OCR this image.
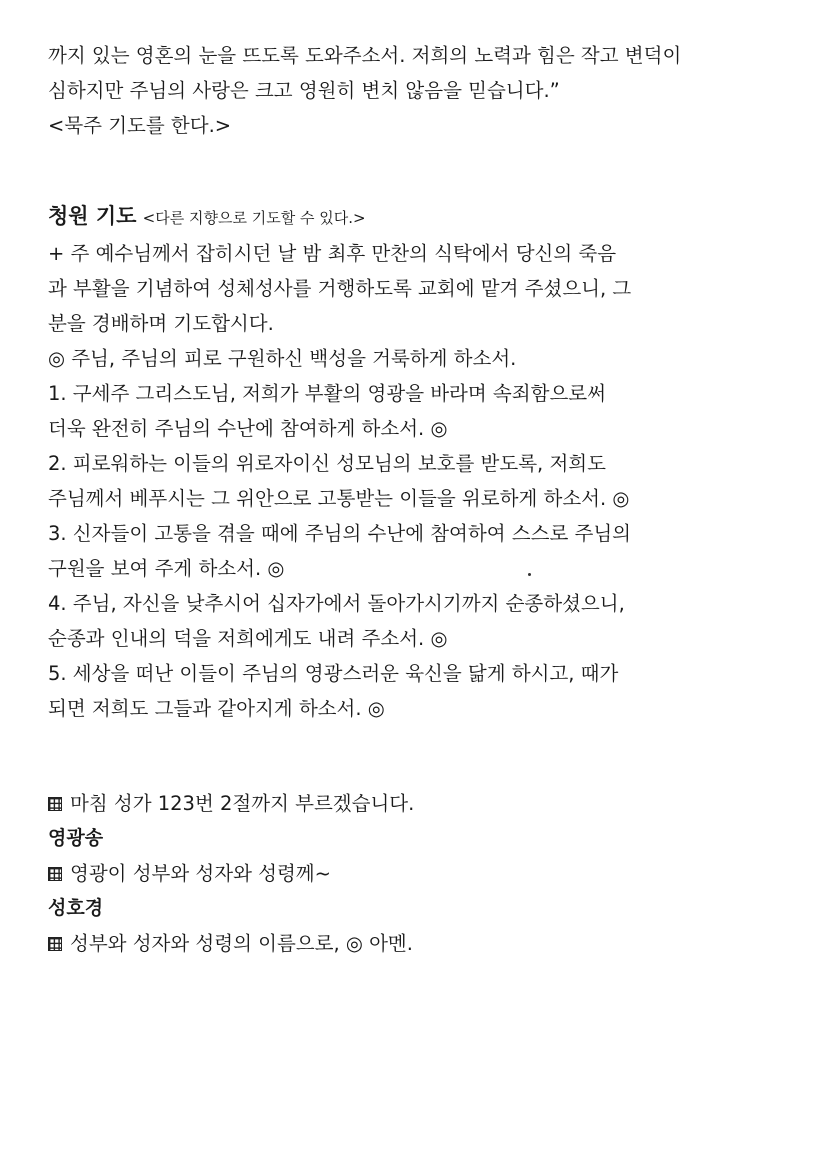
까지 있는 영혼의 눈을 뜨도록 도와주소서. 저희의 노력과 힘은 작고 변덕이
심하지만 주님의 사랑은 크고 영원히 변치 않음을 믿습니다.”
<묵주 기도를 한다.>
청원 기도 <다른 지향으로 기도할 수 있다.>
+ 주 예수님께서 잡히시던 날 밤 최후 만찬의 식탁에서 당신의 죽음
과 부활을 기념하여 성체성사를 거행하도록 교회에 맡겨 주셨으니, 그
분을 경배하며 기도합시다.
◎ 주님, 주님의 피로 구원하신 백성을 거룩하게 하소서.
1. 구세주 그리스도님, 저희가 부활의 영광을 바라며 속죄함으로써
더욱 완전히 주님의 수난에 참여하게 하소서. ◎
2. 피로워하는 이들의 위로자이신 성모님의 보호를 받도록, 저희도
주님께서 베푸시는 그 위안으로 고통받는 이들을 위로하게 하소서. ◎
3. 신자들이 고통을 겪을 때에 주님의 수난에 참여하여 스스로 주님의
구원을 보여 주게 하소서. ◎
4. 주님, 자신을 낮추시어 십자가에서 돌아가시기까지 순종하셨으니,
순종과 인내의 덕을 저희에게도 내려 주소서. ◎
5. 세상을 떠난 이들이 주님의 영광스러운 육신을 닮게 하시고, 때가
되면 저희도 그들과 같아지게 하소서. ◎
마침 성가 123번 2절까지 부르겠습니다.
영광송
영광이 성부와 성자와 성령께~
성호경
성부와 성자와 성령의 이름으로, ◎ 아멘.
